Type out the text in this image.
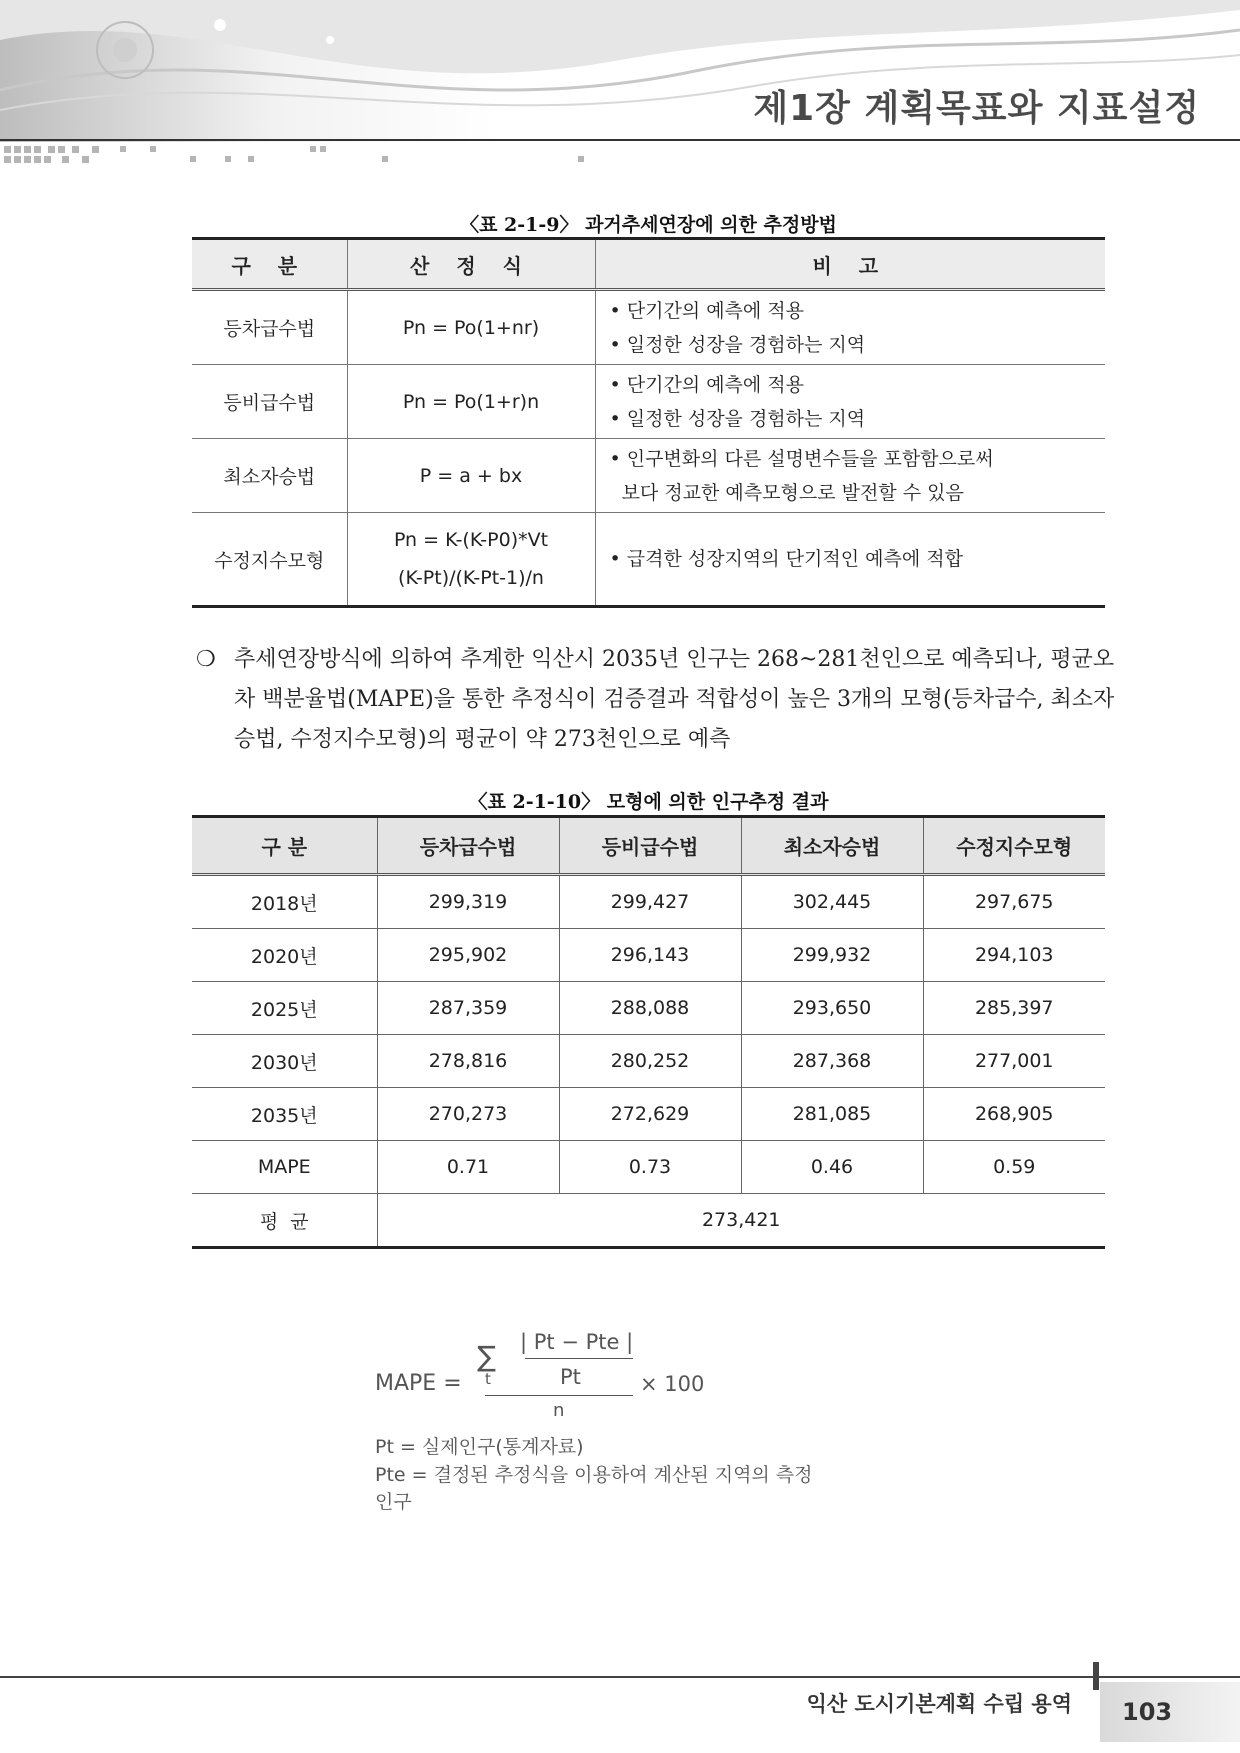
제1장 계획목표와 지표설정
〈표 2-1-9〉 과거추세연장에 의한 추정방법
구 분	산 정 식	비 고
등차급수법	Pn = Po(1+nr)	• 단기간의 예측에 적용
• 일정한 성장을 경험하는 지역

등비급수법	Pn = Po(1+r)n	• 단기간의 예측에 적용
• 일정한 성장을 경험하는 지역

최소자승법	P = a + bx	• 인구변화의 다른 설명변수들을 포함함으로써
보다 정교한 예측모형으로 발전할 수 있음

수정지수모형	Pn = K-(K-P0)*Vt
(K-Pt)/(K-Pt-1)/n	• 급격한 성장지역의 단기적인 예측에 적합
❍ 추세연장방식에 의하여 추계한 익산시 2035년 인구는 268~281천인으로 예측되나, 평균오차 백분율법(MAPE)을 통한 추정식이 검증결과 적합성이 높은 3개의 모형(등차급수, 최소자승법, 수정지수모형)의 평균이 약 273천인으로 예측
〈표 2-1-10〉 모형에 의한 인구추정 결과
구 분	등차급수법	등비급수법	최소자승법	수정지수모형
2018년	299,319	299,427	302,445	297,675
2020년	295,902	296,143	299,932	294,103
2025년	287,359	288,088	293,650	285,397
2030년	278,816	280,252	287,368	277,001
2035년	270,273	272,629	281,085	268,905
MAPE	0.71	0.73	0.46	0.59
평  균	273,421			
MAPE =
∑
t
| Pt − Pte |
Pt
n
× 100
Pt = 실제인구(통계자료)
Pte = 결정된 추정식을 이용하여 계산된 지역의 측정인구
익산 도시기본계획 수립 용역	103
